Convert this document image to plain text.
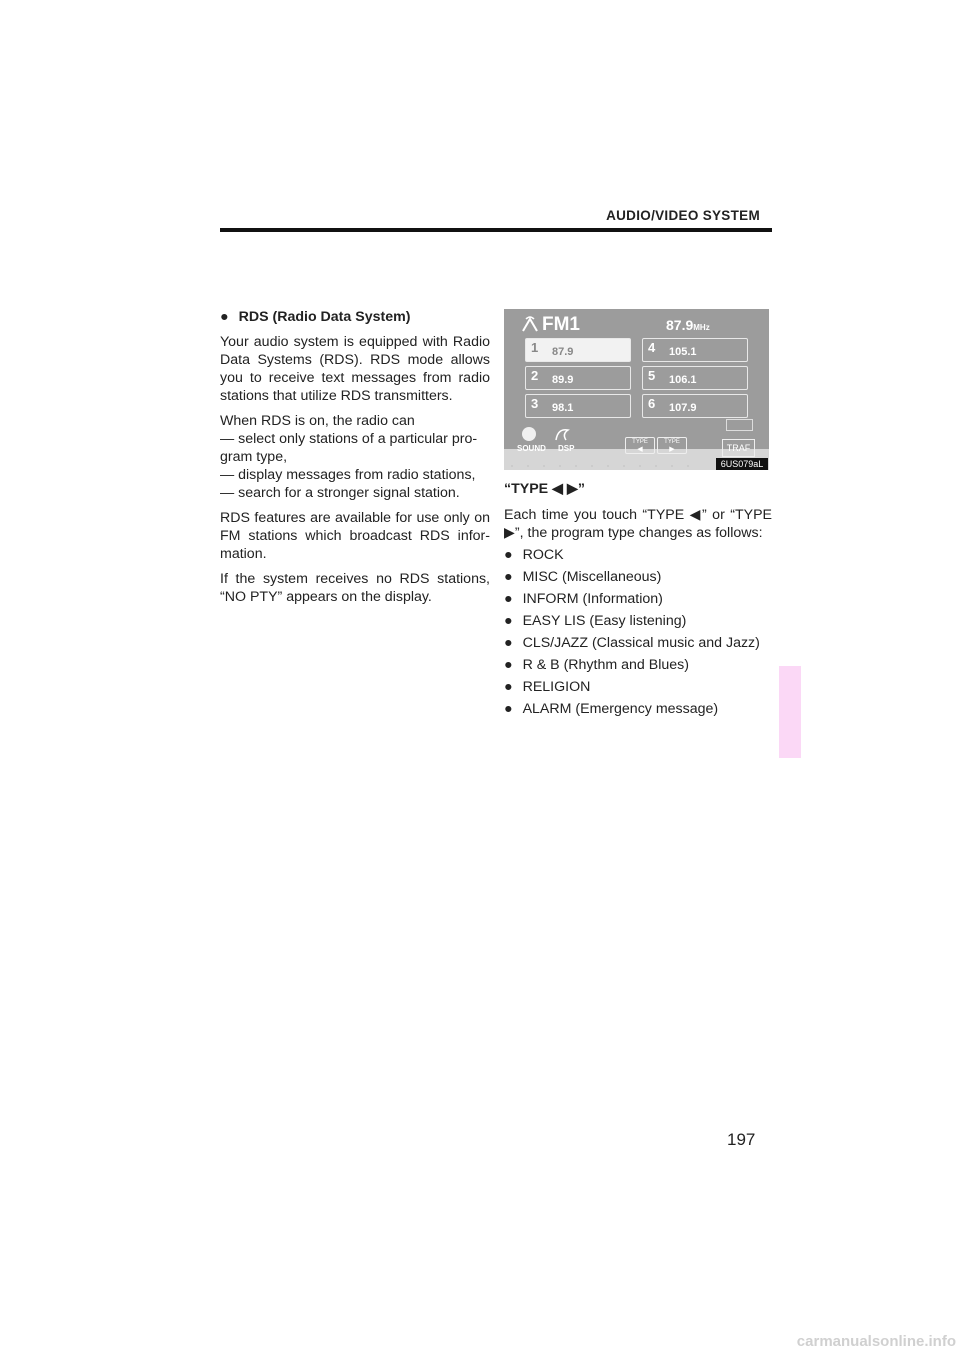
AUDIO/VIDEO SYSTEM

● RDS (Radio Data System)

Your audio system is equipped with Radio Data Systems (RDS). RDS mode allows you to receive text messages from radio stations that utilize RDS transmitters.

When RDS is on, the radio can
— select only stations of a particular pro-
gram type,
— display messages from radio stations,
— search for a stronger signal station.

RDS features are available for use only on FM stations which broadcast RDS infor- mation.

If the system receives no RDS stations, “NO PTY” appears on the display.

FM1	87.9MHz
1 87.9
2 89.9
3 98.1
4 105.1
5 106.1
6 107.9
SOUND DSP
TYPE
◀
TYPE
▶	TRAF
6US079aL

“TYPE ◀ ▶”

Each time you touch “TYPE ◀” or “TYPE ▶”, the program type changes as follows:

● ROCK
● MISC (Miscellaneous)
● INFORM (Information)
● EASY LIS (Easy listening)
● CLS/JAZZ (Classical music and Jazz)
● R & B (Rhythm and Blues)
● RELIGION
● ALARM (Emergency message)
197
carmanualsonline.info
